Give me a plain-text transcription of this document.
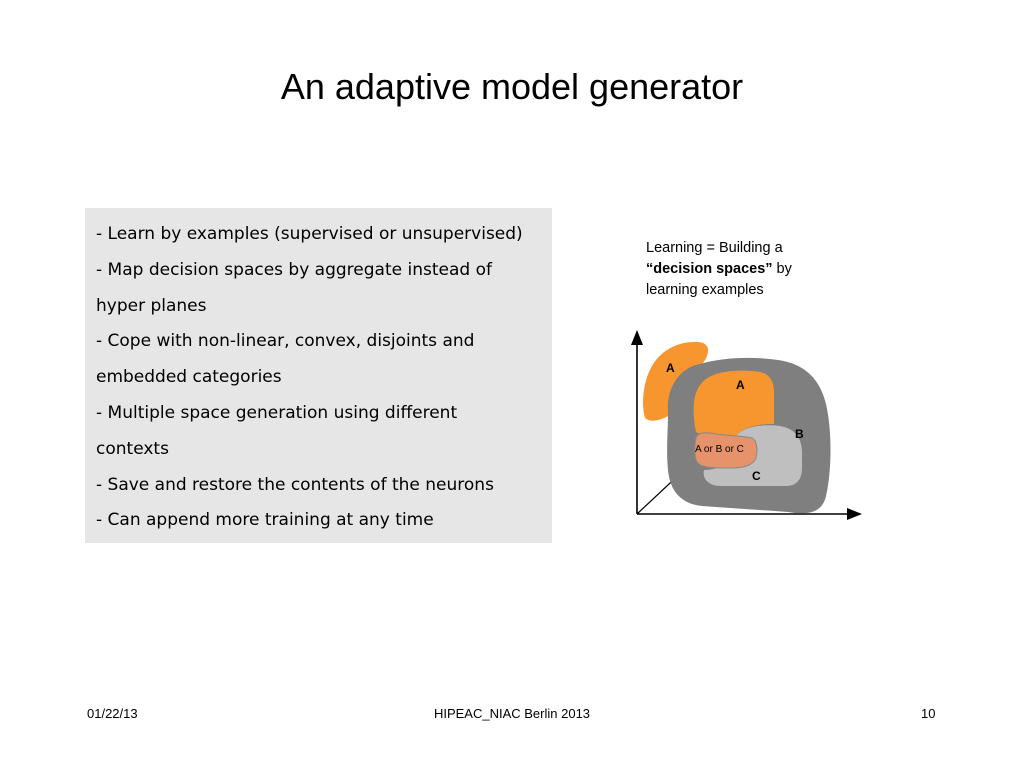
An adaptive model generator
- Learn by examples (supervised or unsupervised)
- Map decision spaces by aggregate instead of
hyper planes
- Cope with non-linear, convex, disjoints and
embedded categories
- Multiple space generation using different
contexts
- Save and restore the contents of the neurons
- Can append more training at any time
Learning = Building a
“decision spaces” by
learning examples
A
A
B
C
A or B or C
01/22/13	HIPEAC_NIAC Berlin 2013	10
